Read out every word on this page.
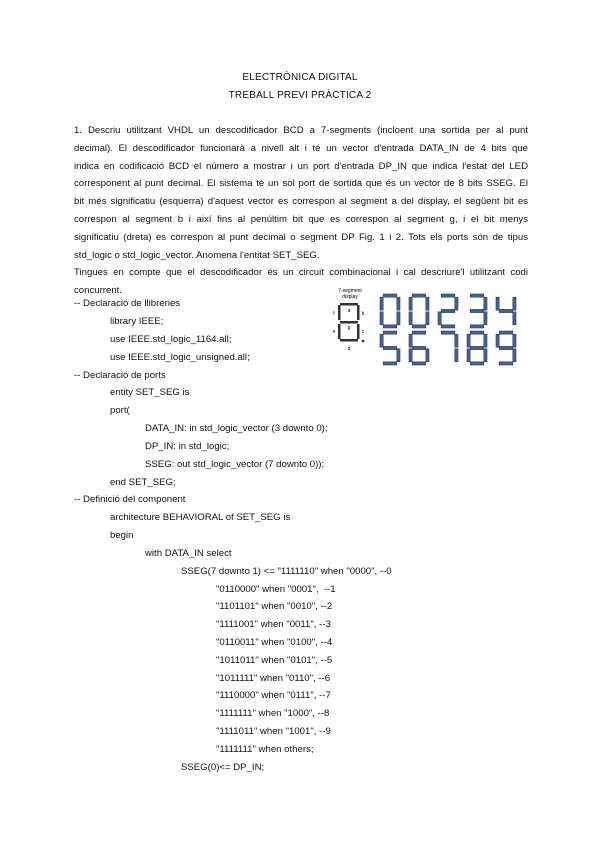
ELECTRÒNICA DIGITAL
TREBALL PREVI PRÀCTICA 2
1. Descriu utilitzant VHDL un descodificador BCD a 7-segments (incloent una sortida per al punt
decimal). El descodificador funcionarà a nivell alt i té un vector d'entrada DATA_IN de 4 bits que
indica en codificació BCD el número a mostrar i un port d'entrada DP_IN que indica l'estat del LED
corresponent al punt decimal. El sistema té un sol port de sortida que és un vector de 8 bits SSEG. El
bit més significatiu (esquerra) d'aquest vector es correspon al segment a del display, el següent bit es
correspon al segment b i així fins al penúltim bit que es correspon al segment g, i el bit menys
significatiu (dreta) es correspon al punt decimal o segment DP Fig. 1 i 2. Tots els ports són de tipus
std_logic o std_logic_vector. Anomena l'entitat SET_SEG.
Tingues en compte que el descodificador és un circuit combinacional i cal descriure'l utilitzant codi
concurrent.
-- Declaració de llibreries
library IEEE;
use IEEE.std_logic_1164.all;
use IEEE.std_logic_unsigned.all;
-- Declaració de ports
entity SET_SEG is
port(
DATA_IN: in std_logic_vector (3 downto 0);
DP_IN: in std_logic;
SSEG: out std_logic_vector (7 downto 0));
end SET_SEG;
-- Definició del component
architecture BEHAVIORAL of SET_SEG is
begin
with DATA_IN select
SSEG(7 downto 1) <= "1111110" when "0000", --0
"0110000" when "0001",  --1
"1101101" when "0010", --2
"1111001" when "0011", --3
"0110011" when "0100", --4
"1011011" when "0101", --5
"1011111" when "0110", --6
"1110000" when "0111", --7
"1111111" when "1000", --8
"1111011" when "1001", --9
"1111111" when others;
SSEG(0)<= DP_IN;
7-segment
display
a b
c
d
e
f
g
